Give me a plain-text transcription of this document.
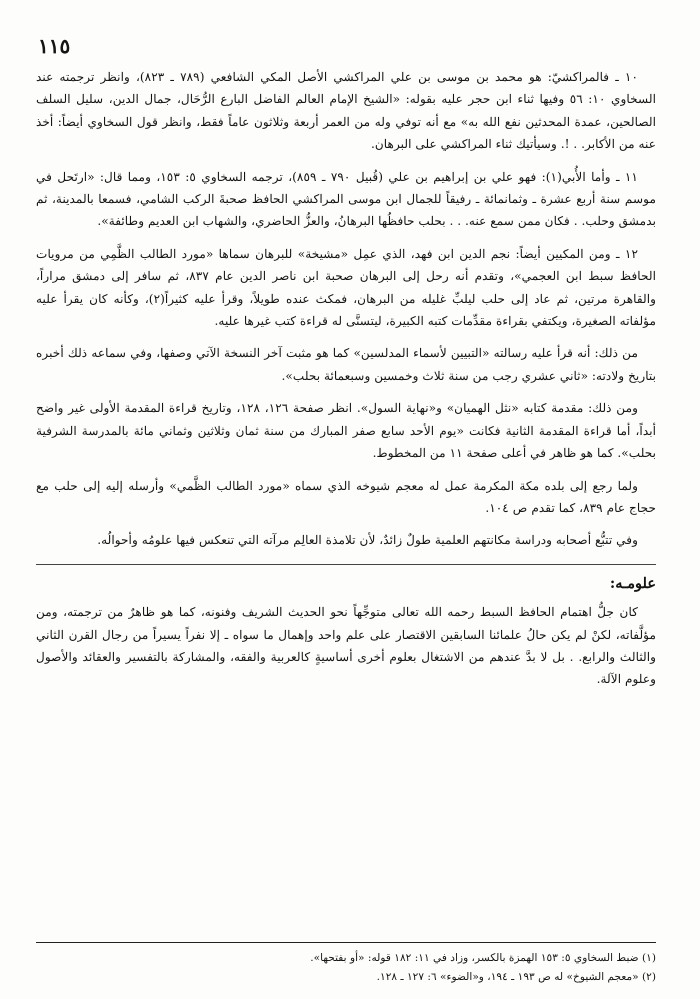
١١٥

١٠ ـ فالمراكشيّ: هو محمد بن موسى بن علي المراكشي الأصل المكي الشافعي (٧٨٩ ـ ٨٢٣)، وانظر ترجمته عند السخاوي ١٠: ٥٦ وفيها ثناء ابن حجر عليه بقوله: «الشيخ الإمام العالم الفاضل البارع الرُّحَال، جمال الدين، سليل السلف الصالحين، عمدة المحدثين نفع الله به» مع أنه توفي وله من العمر أربعة وثلاثون عاماً فقط، وانظر قول السخاوي أيضاً: أخذ عنه من الأكابر. . !. وسيأتيك ثناء المراكشي على البرهان.

١١ ـ وأما الأُبي(١): فهو علي بن إبراهيم بن علي (قُبيل ٧٩٠ ـ ٨٥٩)، ترجمه السخاوي ٥: ١٥٣، ومما قال: «ارتَحل في موسم سنة أربع عشرة ـ وثمانمائة ـ رفيقاً للجمال ابن موسى المراكشي الحافظ صحبةَ الركب الشامي، فسمعا بالمدينة، ثم بدمشق وحلب. . فكان ممن سمع عنه. . . بحلب حافظُها البرهانُ، والعزُّ الحاضري، والشهاب ابن العديم وطائفة».

١٢ ـ ومن المكيين أيضاً: نجم الدين ابن فهد، الذي عمِل «مشيخة» للبرهان سماها «مورد الطالب الظَّمِي من مرويات الحافظ سبط ابن العجمي»، وتقدم أنه رحل إلى البرهان صحبة ابن ناصر الدين عام ٨٣٧، ثم سافر إلى دمشق مراراً، والقاهرة مرتين، ثم عاد إلى حلب ليلبِّ غليله من البرهان، فمكث عنده طويلاً، وقرأ عليه كثيراً(٢)، وكأنه كان يقرأ عليه مؤلفاته الصغيرة، ويكتفي بقراءة مقدِّمات كتبه الكبيرة، ليتسنَّى له قراءة كتب غيرها عليه.

من ذلك: أنه قرأ عليه رسالته «التبيين لأسماء المدلسين» كما هو مثبت آخر النسخة الآتي وصفها، وفي سماعه ذلك أخبره بتاريخ ولادته: «ثاني عشري رجب من سنة ثلاث وخمسين وسبعمائة بحلب».

ومن ذلك: مقدمة كتابه «نثل الهميان» و«نهاية السول». انظر صفحة ١٢٦، ١٢٨، وتاريخ قراءة المقدمة الأولى غير واضح أبداً، أما قراءة المقدمة الثانية فكانت «يوم الأحد سابع صفر المبارك من سنة ثمان وثلاثين وثماني مائة بالمدرسة الشرفية بحلب». كما هو ظاهر في أعلى صفحة ١١ من المخطوط.

ولما رجع إلى بلده مكة المكرمة عمل له معجم شيوخه الذي سماه «مورد الطالب الظَّمي» وأرسله إليه إلى حلب مع حجاج عام ٨٣٩، كما تقدم ص ١٠٤.

وفي تتبُّع أصحابه ودراسة مكانتهم العلمية طولٌ زائدٌ، لأن تلامذة العالِم مرآته التي تنعكس فيها علومُه وأحوالُه.

علومـه:

كان جلُّ اهتمام الحافظ السبط رحمه الله تعالى متوجِّهاً نحو الحديث الشريف وفنونه، كما هو ظاهرٌ من ترجمته، ومن مؤلَّفاته، لكنْ لم يكن حالُ علمائنا السابقين الاقتصار على علم واحد وإهمال ما سواه ـ إلا نفراً يسيراً من رجال القرن الثاني والثالث والرابع. . بل لا بدَّ عندهم من الاشتغال بعلوم أخرى أساسيةٍ كالعربية والفقه، والمشاركة بالتفسير والعقائد والأصول وعلوم الآلة.

(١) ضبط السخاوي ٥: ١٥٣ الهمزة بالكسر، وزاد في ١١: ١٨٢ قوله: «أو بفتحها».

(٢) «معجم الشيوخ» له ص ١٩٣ ـ ١٩٤، و«الضوء» ٦: ١٢٧ ـ ١٢٨.
